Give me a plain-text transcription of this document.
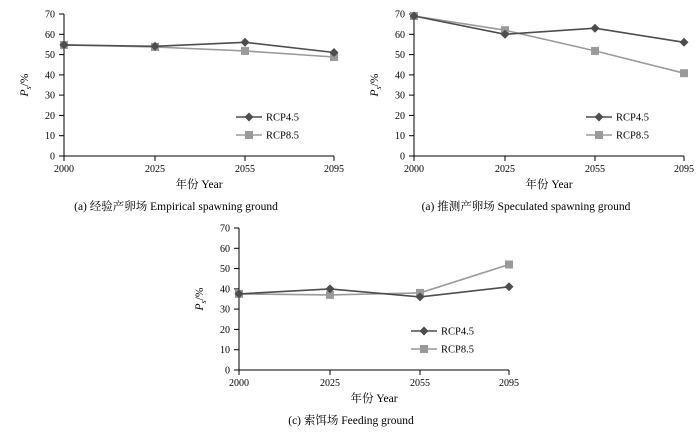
0
10
20
30
40
50
60
70
2000	2025	2055	2095
$P_s/\%$
年份 Year
RCP4.5
RCP8.5
(a) 经验产卵场 Empirical spawning ground
0
10
20
30
40
50
60
70
2000	2025	2055	2095
$P_s/\%$
年份 Year
RCP4.5
RCP8.5
(a) 推测产卵场 Speculated spawning ground
0
10
20
30
40
50
60
70
2000	2025	2055	2095
$P_s/\%$
年份 Year
RCP4.5
RCP8.5
(c) 索饵场 Feeding ground
